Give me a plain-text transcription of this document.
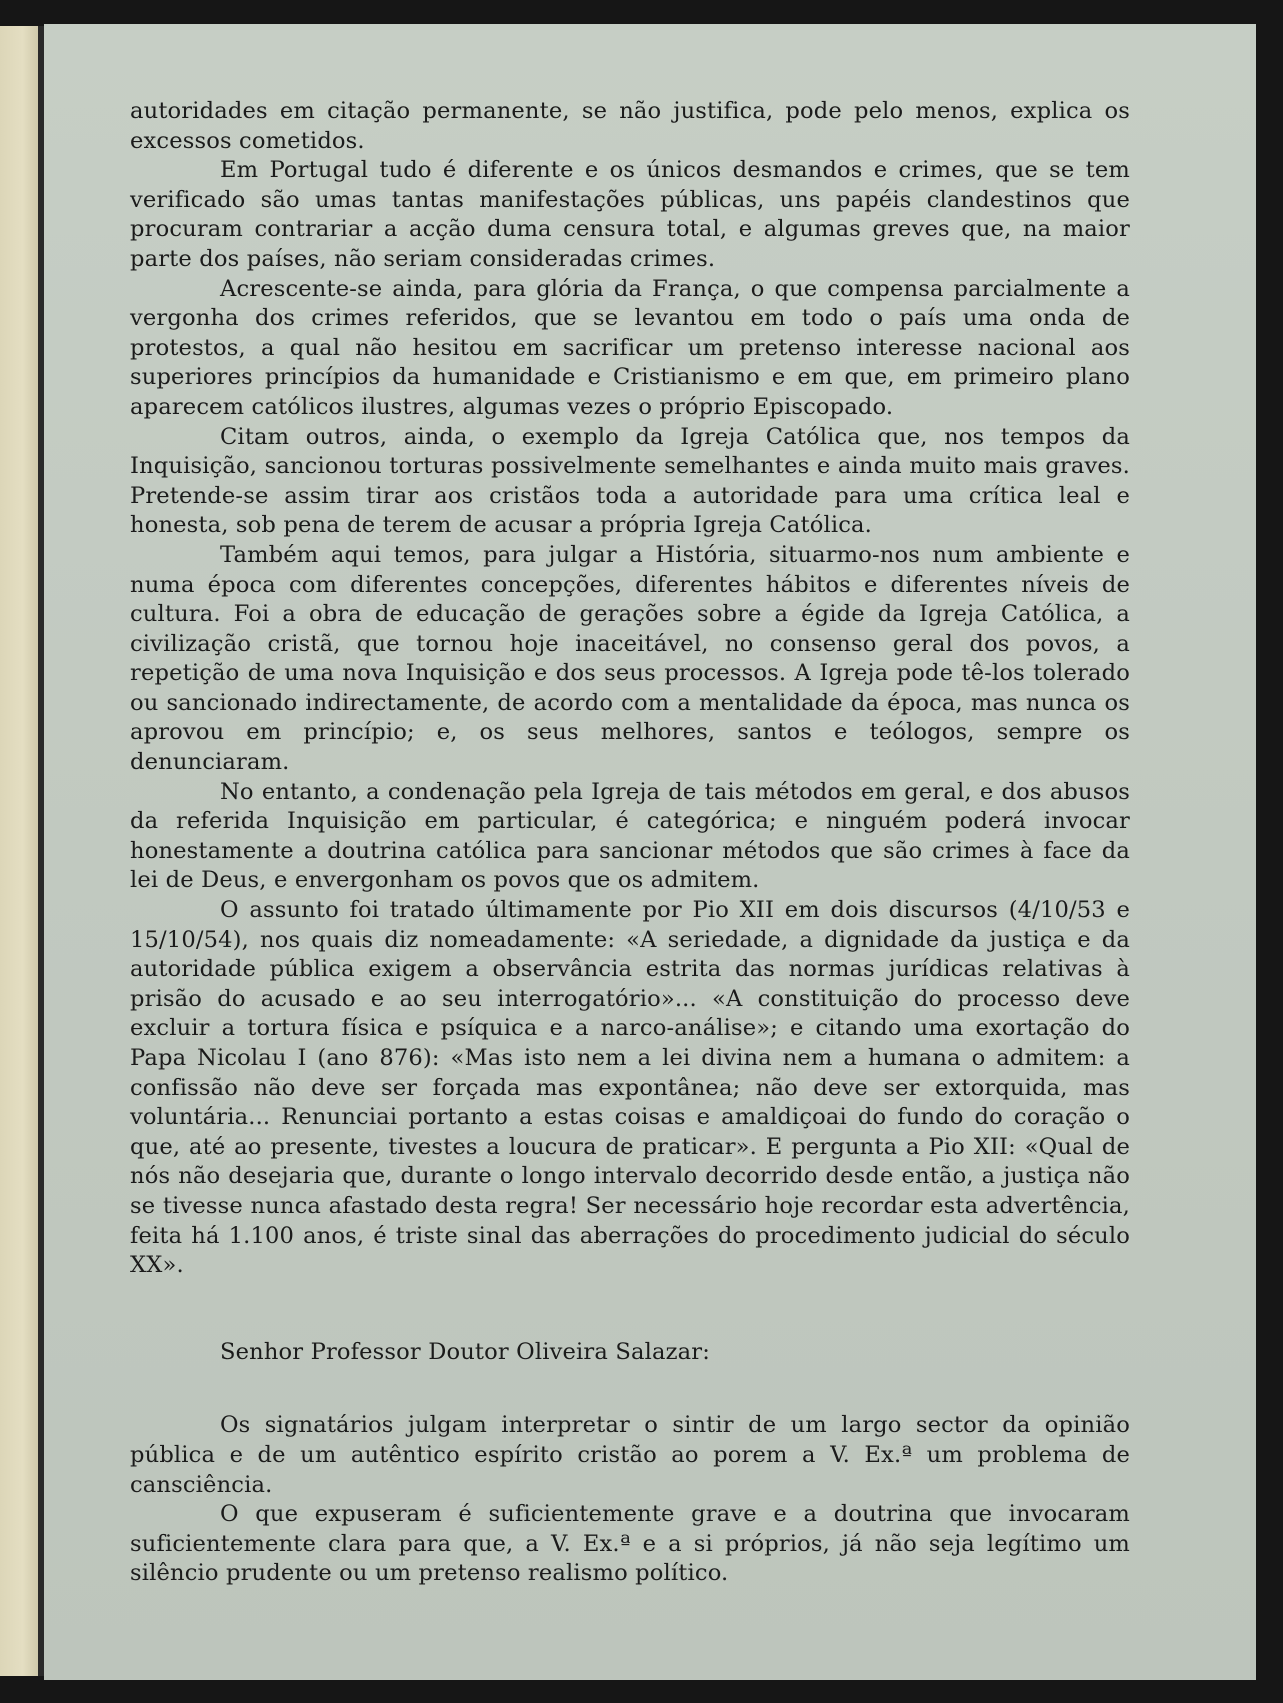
autoridades em citação permanente, se não justifica, pode pelo menos, explica os excessos cometidos.

Em Portugal tudo é diferente e os únicos desmandos e crimes, que se tem verificado são umas tantas manifestações públicas, uns papéis clandestinos que procuram contrariar a acção duma censura total, e algumas greves que, na maior parte dos países, não seriam consideradas crimes.

Acrescente-se ainda, para glória da França, o que compensa parcialmente a vergonha dos crimes referidos, que se levantou em todo o país uma onda de protestos, a qual não hesitou em sacrificar um pretenso interesse nacional aos superiores princípios da humanidade e Cristianismo e em que, em primeiro plano aparecem católicos ilustres, algumas vezes o próprio Episcopado.

Citam outros, ainda, o exemplo da Igreja Católica que, nos tempos da Inquisição, sancionou torturas possivelmente semelhantes e ainda muito mais graves. Pretende-se assim tirar aos cristãos toda a autoridade para uma crítica leal e honesta, sob pena de terem de acusar a própria Igreja Católica.

Também aqui temos, para julgar a História, situarmo-nos num ambiente e numa época com diferentes concepções, diferentes hábitos e diferentes níveis de cultura. Foi a obra de educação de gerações sobre a égide da Igreja Católica, a civilização cristã, que tornou hoje inaceitável, no consenso geral dos povos, a repetição de uma nova Inquisição e dos seus processos. A Igreja pode tê-los tolerado ou sancionado indirectamente, de acordo com a mentalidade da época, mas nunca os aprovou em princípio; e, os seus melhores, santos e teólogos, sempre os denunciaram.

No entanto, a condenação pela Igreja de tais métodos em geral, e dos abusos da referida Inquisição em particular, é categórica; e ninguém poderá invocar honestamente a doutrina católica para sancionar métodos que são crimes à face da lei de Deus, e envergonham os povos que os admitem.

O assunto foi tratado últimamente por Pio XII em dois discursos (4/10/53 e 15/10/54), nos quais diz nomeadamente: «A seriedade, a dignidade da justiça e da autoridade pública exigem a observância estrita das normas jurídicas relativas à prisão do acusado e ao seu interrogatório»... «A constituição do processo deve excluir a tortura física e psíquica e a narco-análise»; e citando uma exortação do Papa Nicolau I (ano 876): «Mas isto nem a lei divina nem a humana o admitem: a confissão não deve ser forçada mas expontânea; não deve ser extorquida, mas voluntária... Renunciai portanto a estas coisas e amaldiçoai do fundo do coração o que, até ao presente, tivestes a loucura de praticar». E pergunta a Pio XII: «Qual de nós não desejaria que, durante o longo intervalo decorrido desde então, a justiça não se tivesse nunca afastado desta regra! Ser necessário hoje recordar esta advertência, feita há 1.100 anos, é triste sinal das aberrações do procedimento judicial do século XX».

Senhor Professor Doutor Oliveira Salazar:

Os signatários julgam interpretar o sintir de um largo sector da opinião pública e de um autêntico espírito cristão ao porem a V. Ex.ª um problema de cansciência.

O que expuseram é suficientemente grave e a doutrina que invocaram suficientemente clara para que, a V. Ex.ª e a si próprios, já não seja legítimo um silêncio prudente ou um pretenso realismo político.
